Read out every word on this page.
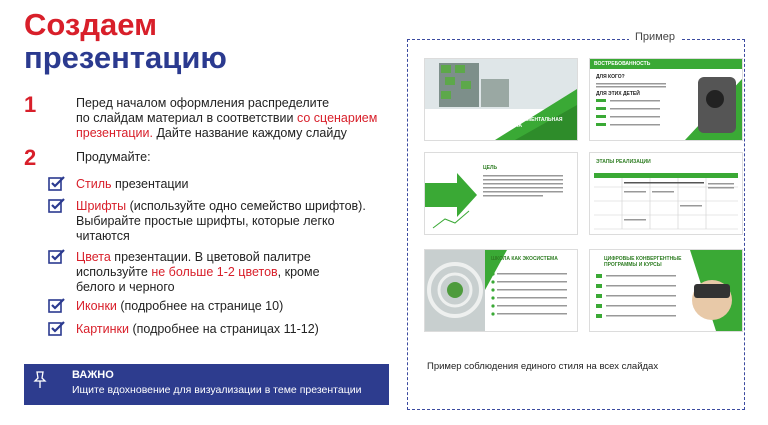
Создаем
презентацию
1	Перед началом оформления распределите
по слайдам материал в соответствии со сценарием
презентации. Дайте название каждому слайду
2	Продумайте:
Стиль презентации
Шрифты (используйте одно семейство шрифтов).
Выбирайте простые шрифты, которые легко
читаются
Цвета презентации. В цветовой палитре
используйте не больше 1-2 цветов, кроме
белого и черного
Иконки (подробнее на странице 10)
Картинки (подробнее на страницах 11-12)
ВАЖНО
Ищите вдохновение для визуализации в теме презентации
Пример
ЭКСПЕРИМЕНТАЛЬНАЯ ШКОЛА
ВОСТРЕБОВАННОСТЬ
ДЛЯ КОГО?
ДЛЯ ЭТИХ ДЕТЕЙ
ЦЕЛЬ
ЭТАПЫ РЕАЛИЗАЦИИ
ШКОЛА КАК ЭКОСИСТЕМА	ЦИФРОВЫЕ КОНВЕРГЕНТНЫЕ ПРОГРАММЫ И КУРСЫ
Пример соблюдения единого стиля на всех слайдах
